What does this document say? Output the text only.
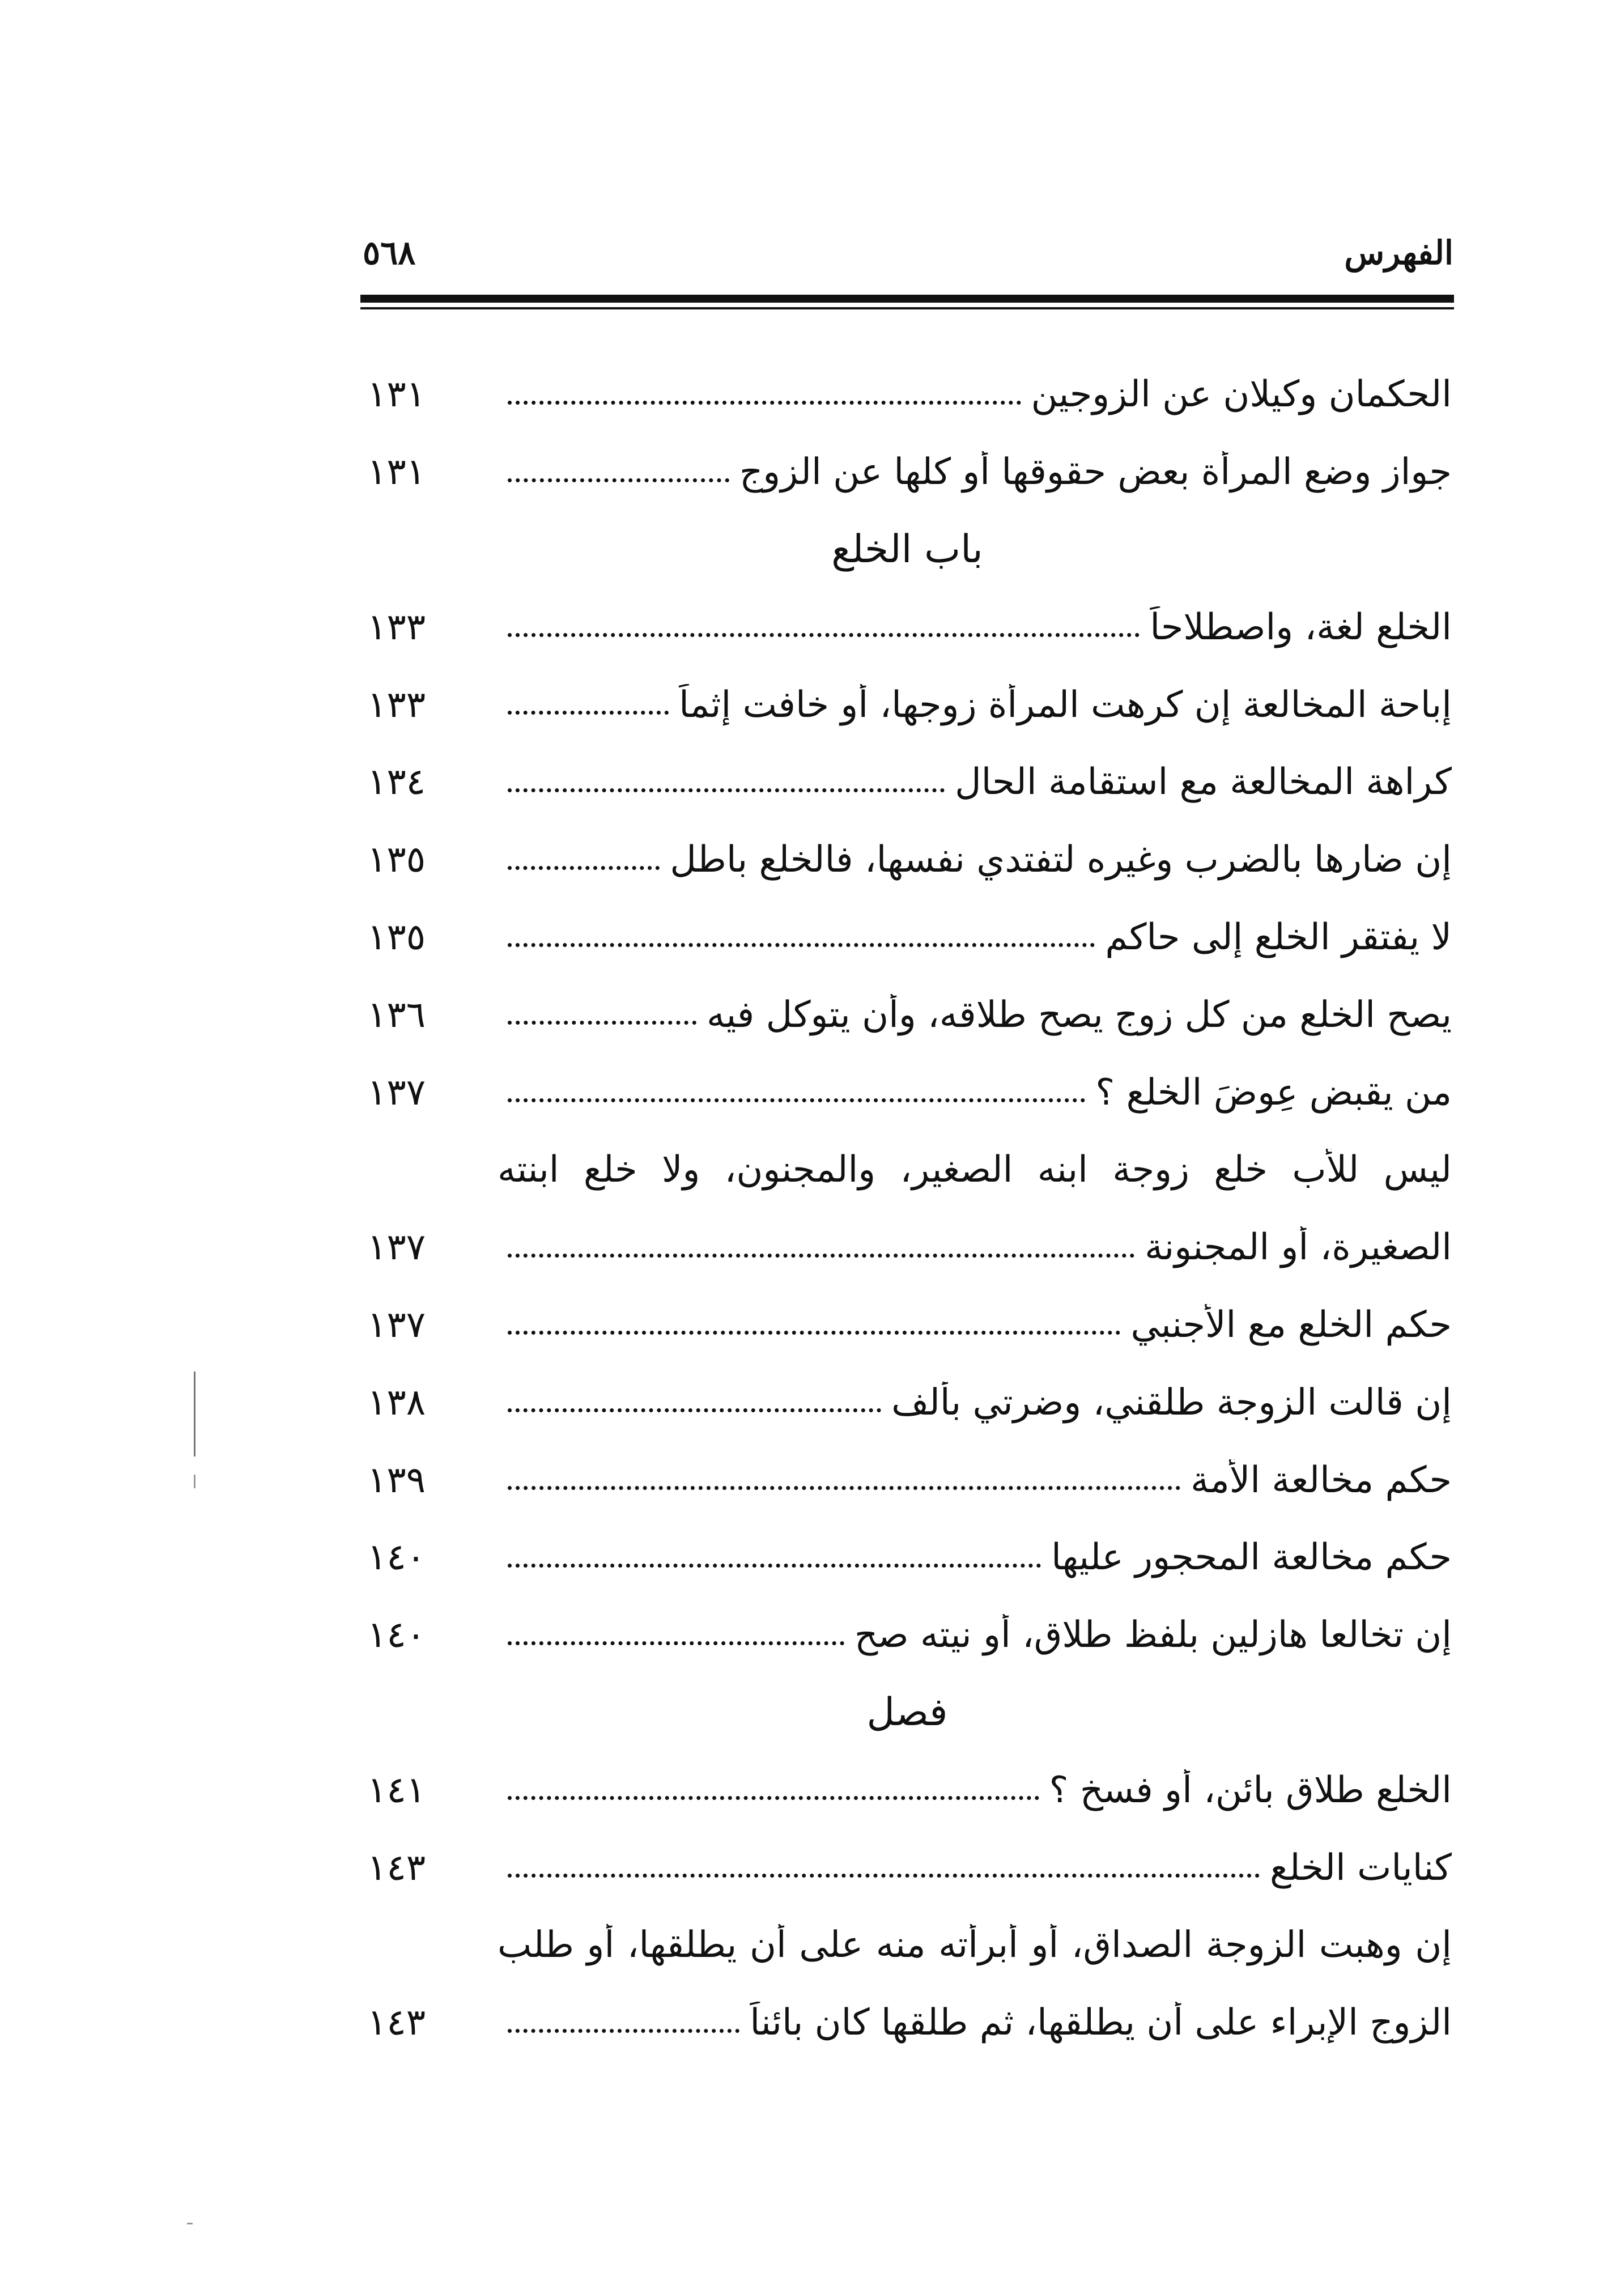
الفهرس
٥٦٨
الحكمان وكيلان عن الزوجين
١٣١
جواز وضع المرأة بعض حقوقها أو كلها عن الزوج
١٣١
باب الخلع
الخلع لغة، واصطلاحاً
١٣٣
إباحة المخالعة إن كرهت المرأة زوجها، أو خافت إثماً
١٣٣
كراهة المخالعة مع استقامة الحال
١٣٤
إن ضارها بالضرب وغيره لتفتدي نفسها، فالخلع باطل
١٣٥
لا يفتقر الخلع إلى حاكم
١٣٥
يصح الخلع من كل زوج يصح طلاقه، وأن يتوكل فيه
١٣٦
من يقبض عِوضَ الخلع ؟
١٣٧
ليس للأب خلع زوجة ابنه الصغير، والمجنون، ولا خلع ابنته
الصغيرة، أو المجنونة
١٣٧
حكم الخلع مع الأجنبي
١٣٧
إن قالت الزوجة طلقني، وضرتي بألف
١٣٨
حكم مخالعة الأمة
١٣٩
حكم مخالعة المحجور عليها
١٤٠
إن تخالعا هازلين بلفظ طلاق، أو نيته صح
١٤٠
فصل
الخلع طلاق بائن، أو فسخ ؟
١٤١
كنايات الخلع
١٤٣
إن وهبت الزوجة الصداق، أو أبرأته منه على أن يطلقها، أو طلب
الزوج الإبراء على أن يطلقها، ثم طلقها كان بائناً
١٤٣
